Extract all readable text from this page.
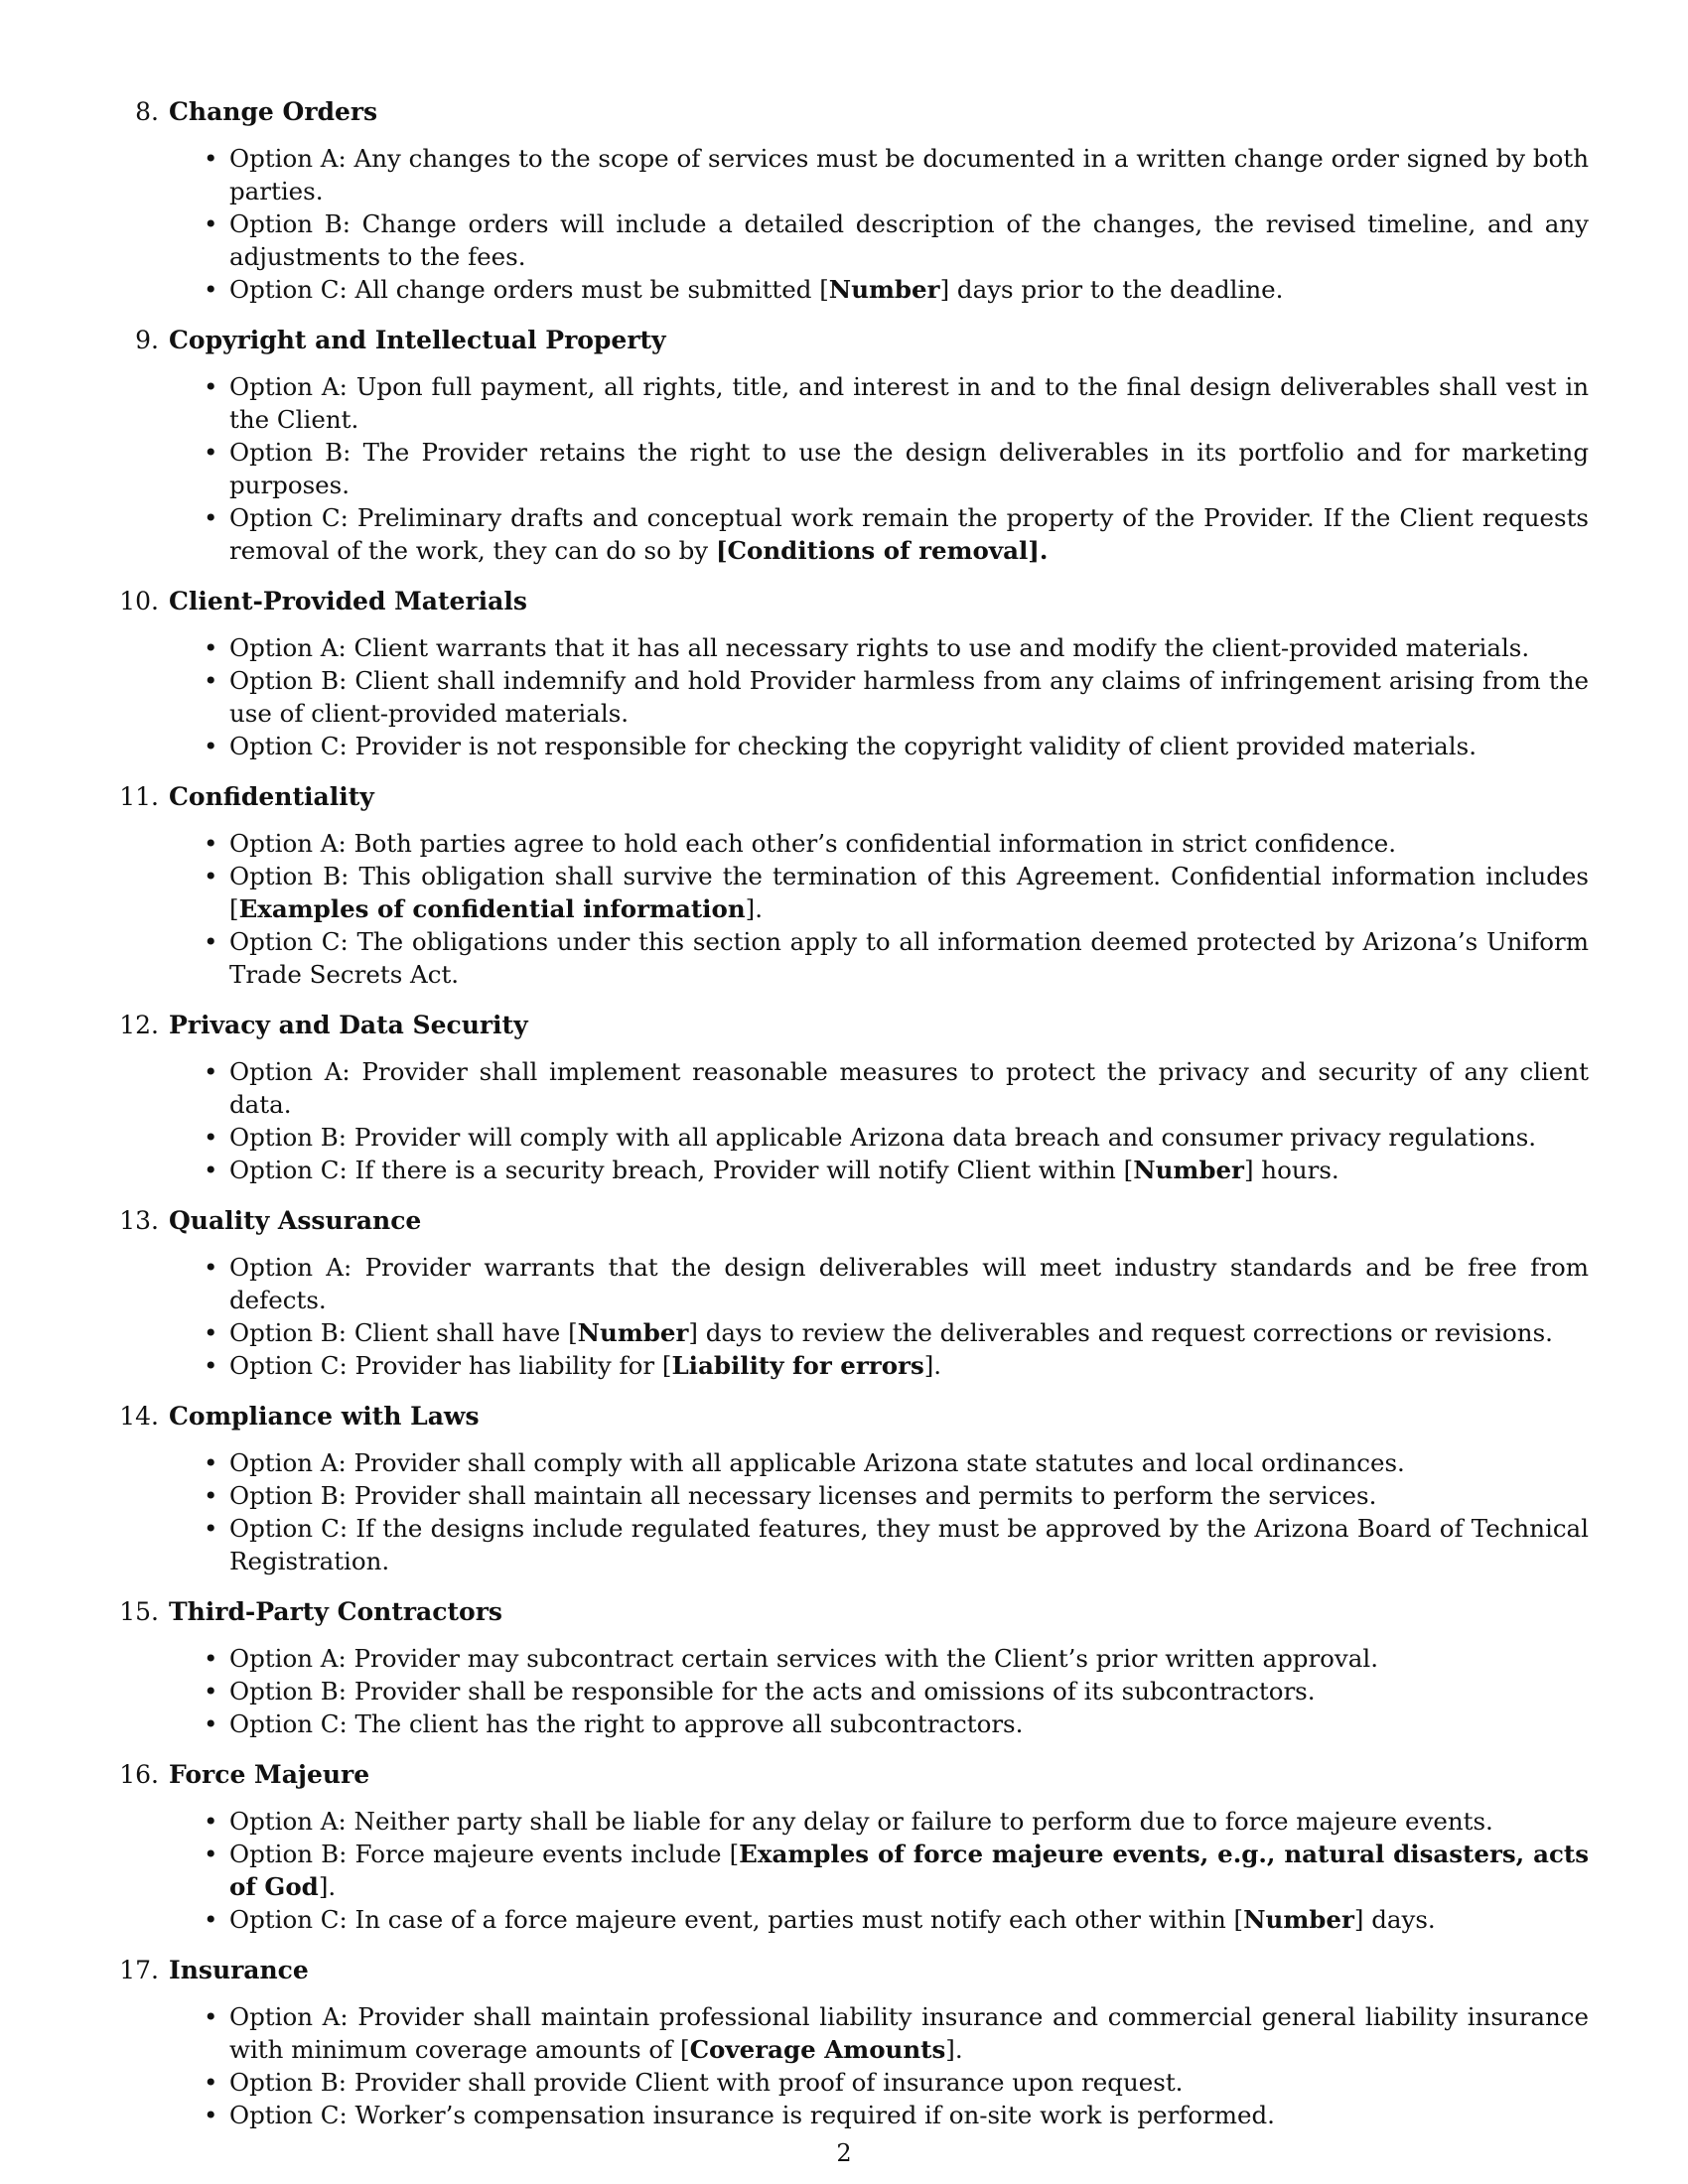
8. Change Orders
• Option A: Any changes to the scope of services must be documented in a written change order signed by both parties.
• Option B: Change orders will include a detailed description of the changes, the revised timeline, and any adjustments to the fees.
• Option C: All change orders must be submitted [Number] days prior to the deadline.
9. Copyright and Intellectual Property
• Option A: Upon full payment, all rights, title, and interest in and to the final design deliverables shall vest in the Client.
• Option B: The Provider retains the right to use the design deliverables in its portfolio and for marketing purposes.
• Option C: Preliminary drafts and conceptual work remain the property of the Provider. If the Client requests removal of the work, they can do so by [Conditions of removal].
10. Client-Provided Materials
• Option A: Client warrants that it has all necessary rights to use and modify the client-provided materials.
• Option B: Client shall indemnify and hold Provider harmless from any claims of infringement arising from the use of client-provided materials.
• Option C: Provider is not responsible for checking the copyright validity of client provided materials.
11. Confidentiality
• Option A: Both parties agree to hold each other’s confidential information in strict confidence.
• Option B: This obligation shall survive the termination of this Agreement. Confidential information includes [Examples of confidential information].
• Option C: The obligations under this section apply to all information deemed protected by Arizona’s Uniform Trade Secrets Act.
12. Privacy and Data Security
• Option A: Provider shall implement reasonable measures to protect the privacy and security of any client data.
• Option B: Provider will comply with all applicable Arizona data breach and consumer privacy regulations.
• Option C: If there is a security breach, Provider will notify Client within [Number] hours.
13. Quality Assurance
• Option A: Provider warrants that the design deliverables will meet industry standards and be free from defects.
• Option B: Client shall have [Number] days to review the deliverables and request corrections or revisions.
• Option C: Provider has liability for [Liability for errors].
14. Compliance with Laws
• Option A: Provider shall comply with all applicable Arizona state statutes and local ordinances.
• Option B: Provider shall maintain all necessary licenses and permits to perform the services.
• Option C: If the designs include regulated features, they must be approved by the Arizona Board of Technical Registration.
15. Third-Party Contractors
• Option A: Provider may subcontract certain services with the Client’s prior written approval.
• Option B: Provider shall be responsible for the acts and omissions of its subcontractors.
• Option C: The client has the right to approve all subcontractors.
16. Force Majeure
• Option A: Neither party shall be liable for any delay or failure to perform due to force majeure events.
• Option B: Force majeure events include [Examples of force majeure events, e.g., natural disasters, acts of God].
• Option C: In case of a force majeure event, parties must notify each other within [Number] days.
17. Insurance
• Option A: Provider shall maintain professional liability insurance and commercial general liability insurance with minimum coverage amounts of [Coverage Amounts].
• Option B: Provider shall provide Client with proof of insurance upon request.
• Option C: Worker’s compensation insurance is required if on-site work is performed.
2
